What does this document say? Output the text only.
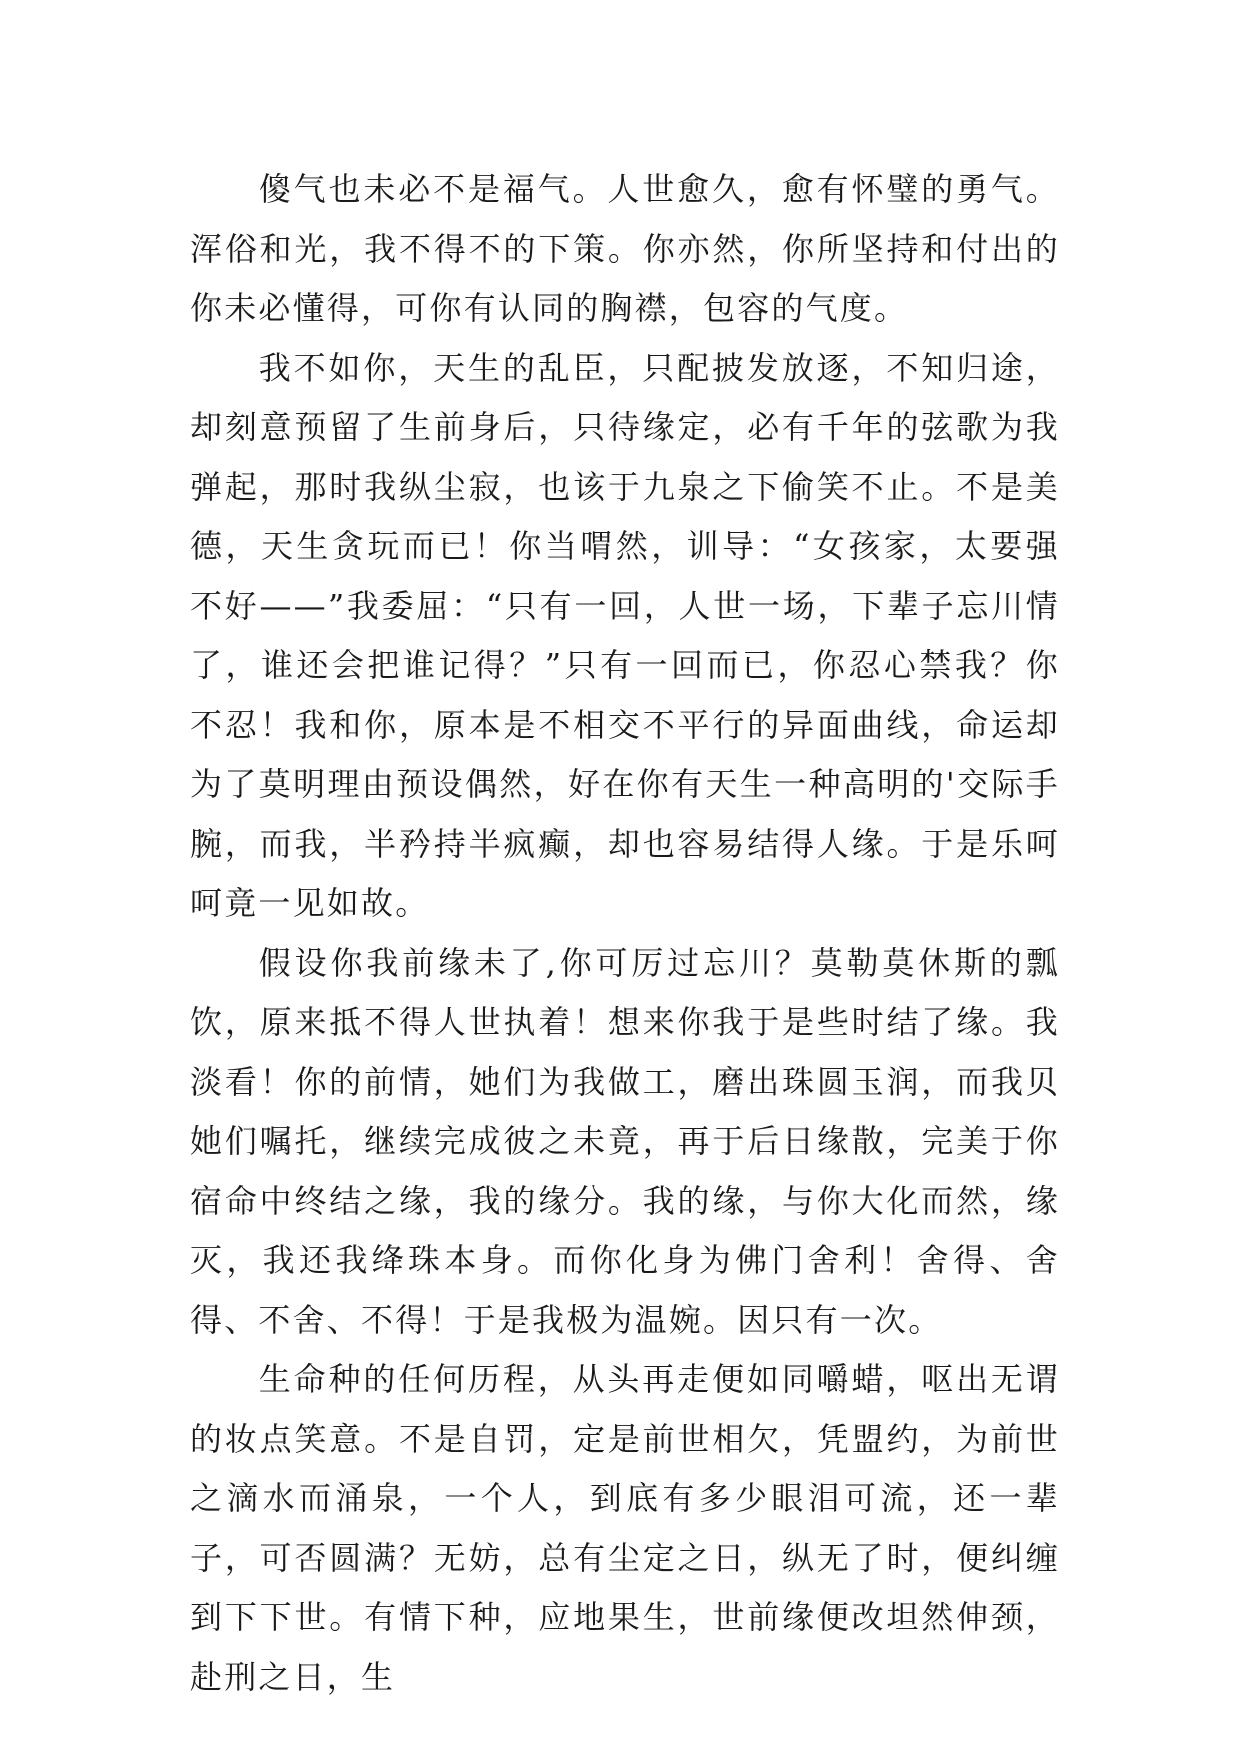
傻气也未必不是福气。人世愈久，愈有怀璧的勇气。浑俗和光，我不得不的下策。你亦然，你所坚持和付出的你未必懂得，可你有认同的胸襟，包容的气度。

我不如你，天生的乱臣，只配披发放逐，不知归途，却刻意预留了生前身后，只待缘定，必有千年的弦歌为我弹起，那时我纵尘寂，也该于九泉之下偷笑不止。不是美德，天生贪玩而已！你当喟然，训导：“女孩家，太要强不好——”我委屈：“只有一回，人世一场，下辈子忘川情了，谁还会把谁记得？”只有一回而已，你忍心禁我？你不忍！我和你，原本是不相交不平行的异面曲线，命运却为了莫明理由预设偶然，好在你有天生一种高明的'交际手腕，而我，半矜持半疯癫，却也容易结得人缘。于是乐呵呵竟一见如故。

假设你我前缘未了,你可厉过忘川？莫勒莫休斯的瓢饮，原来抵不得人世执着！想来你我于是些时结了缘。我淡看！你的前情，她们为我做工，磨出珠圆玉润，而我贝她们嘱托，继续完成彼之未竟，再于后日缘散，完美于你宿命中终结之缘，我的缘分。我的缘，与你大化而然，缘灭，我还我绛珠本身。而你化身为佛门舍利！舍得、舍得、不舍、不得！于是我极为温婉。因只有一次。

生命种的任何历程，从头再走便如同嚼蜡，呕出无谓的妆点笑意。不是自罚，定是前世相欠，凭盟约，为前世之滴水而涌泉，一个人，到底有多少眼泪可流，还一辈子，可否圆满？无妨，总有尘定之日，纵无了时，便纠缠到下下世。有情下种，应地果生，世前缘便改坦然伸颈，赴刑之日，生
